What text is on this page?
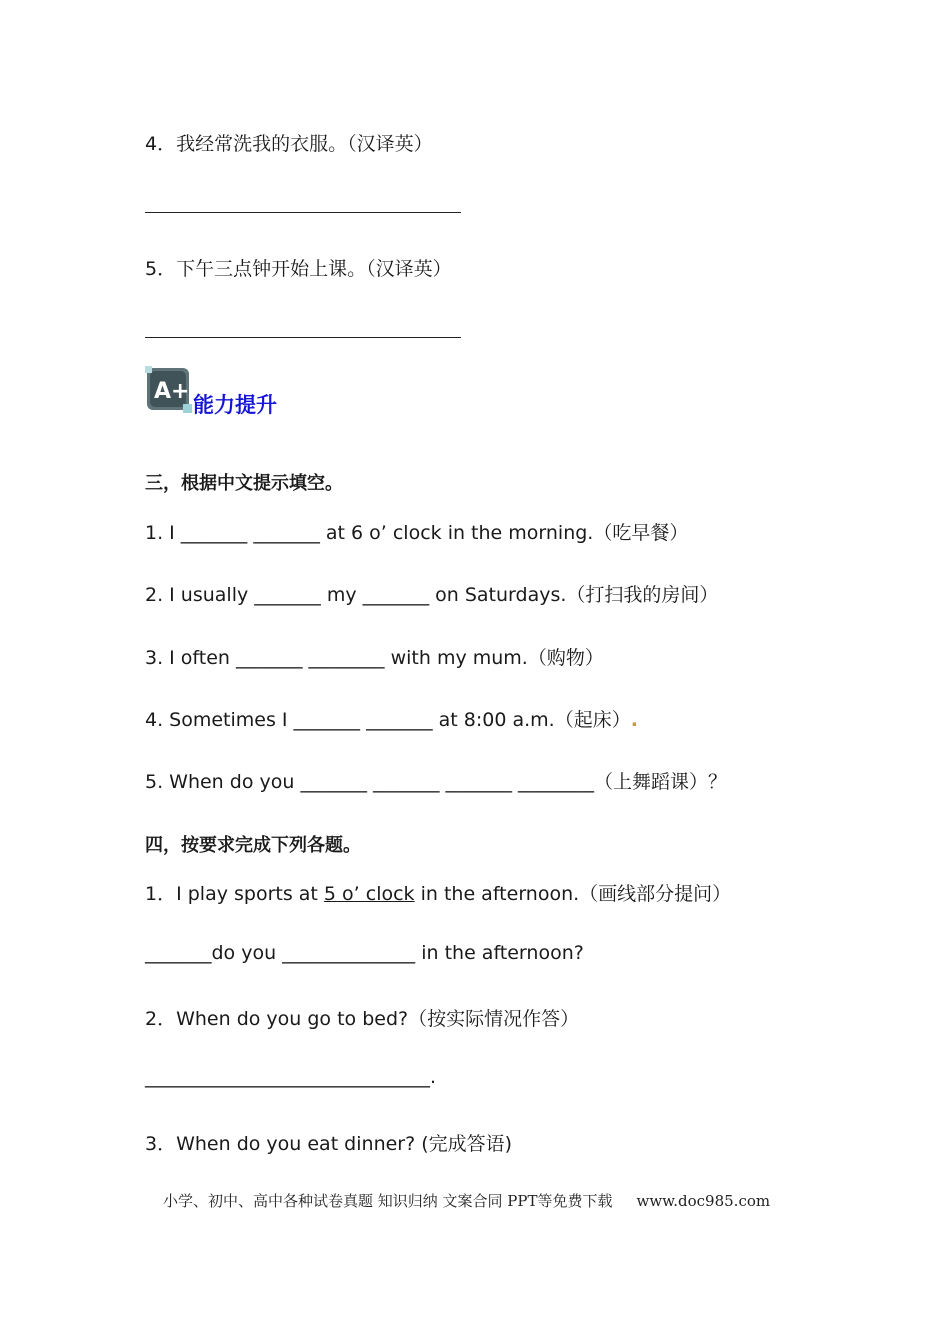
4．我经常洗我的衣服。（汉译英）
5．下午三点钟开始上课。（汉译英）
A+
能力提升
三，根据中文提示填空。
1. I _______ _______ at 6 o’ clock in the morning.（吃早餐）
2. I usually _______ my _______ on Saturdays.（打扫我的房间）
3. I often _______ ________ with my mum.（购物）
4. Sometimes I _______ _______ at 8:00 a.m.（起床）.
5. When do you _______ _______ _______ ________（上舞蹈课）？
四，按要求完成下列各题。
1．I play sports at 5 o’ clock in the afternoon.（画线部分提问）
_______do you ______________ in the afternoon?
2．When do you go to bed?（按实际情况作答）
______________________________.
3．When do you eat dinner? (完成答语)
小学、初中、高中各种试卷真题 知识归纳 文案合同 PPT等免费下载 www.doc985.com
